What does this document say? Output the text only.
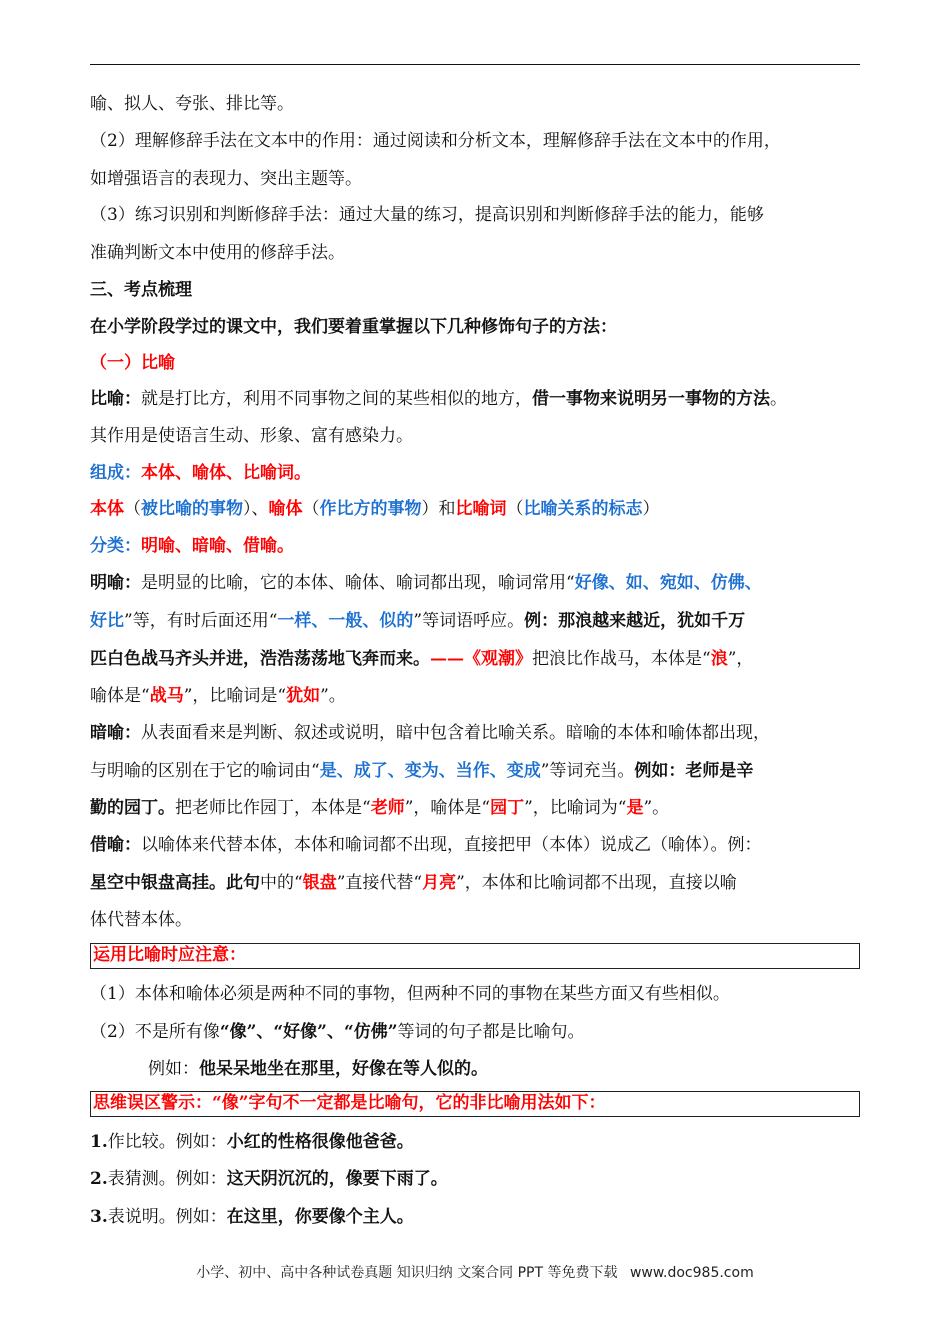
喻、拟人、夸张、排比等。
（2）理解修辞手法在文本中的作用：通过阅读和分析文本，理解修辞手法在文本中的作用，
如增强语言的表现力、突出主题等。
（3）练习识别和判断修辞手法：通过大量的练习，提高识别和判断修辞手法的能力，能够
准确判断文本中使用的修辞手法。
三、考点梳理
在小学阶段学过的课文中，我们要着重掌握以下几种修饰句子的方法：
（一）比喻
比喻：就是打比方，利用不同事物之间的某些相似的地方，借一事物来说明另一事物的方法。
其作用是使语言生动、形象、富有感染力。
组成：本体、喻体、比喻词。
本体（被比喻的事物）、喻体（作比方的事物）和比喻词（比喻关系的标志）
分类：明喻、暗喻、借喻。
明喻：是明显的比喻，它的本体、喻体、喻词都出现，喻词常用“好像、如、宛如、仿佛、
好比”等，有时后面还用“一样、一般、似的”等词语呼应。例：那浪越来越近，犹如千万
匹白色战马齐头并进，浩浩荡荡地飞奔而来。——《观潮》把浪比作战马，本体是“浪”，
喻体是“战马”，比喻词是“犹如”。
暗喻：从表面看来是判断、叙述或说明，暗中包含着比喻关系。暗喻的本体和喻体都出现，
与明喻的区别在于它的喻词由“是、成了、变为、当作、变成”等词充当。例如：老师是辛
勤的园丁。把老师比作园丁，本体是“老师”，喻体是“园丁”，比喻词为“是”。
借喻：以喻体来代替本体，本体和喻词都不出现，直接把甲（本体）说成乙（喻体）。例：
星空中银盘高挂。此句中的“银盘”直接代替“月亮”，本体和比喻词都不出现，直接以喻
体代替本体。
运用比喻时应注意：
（1）本体和喻体必须是两种不同的事物，但两种不同的事物在某些方面又有些相似。
（2）不是所有像“像”、“好像”、“仿佛”等词的句子都是比喻句。
例如：他呆呆地坐在那里，好像在等人似的。
思维误区警示：“像”字句不一定都是比喻句，它的非比喻用法如下：
1.作比较。例如：小红的性格很像他爸爸。
2.表猜测。例如：这天阴沉沉的，像要下雨了。
3.表说明。例如：在这里，你要像个主人。
小学、初中、高中各种试卷真题 知识归纳 文案合同 PPT 等免费下载 www.doc985.com
